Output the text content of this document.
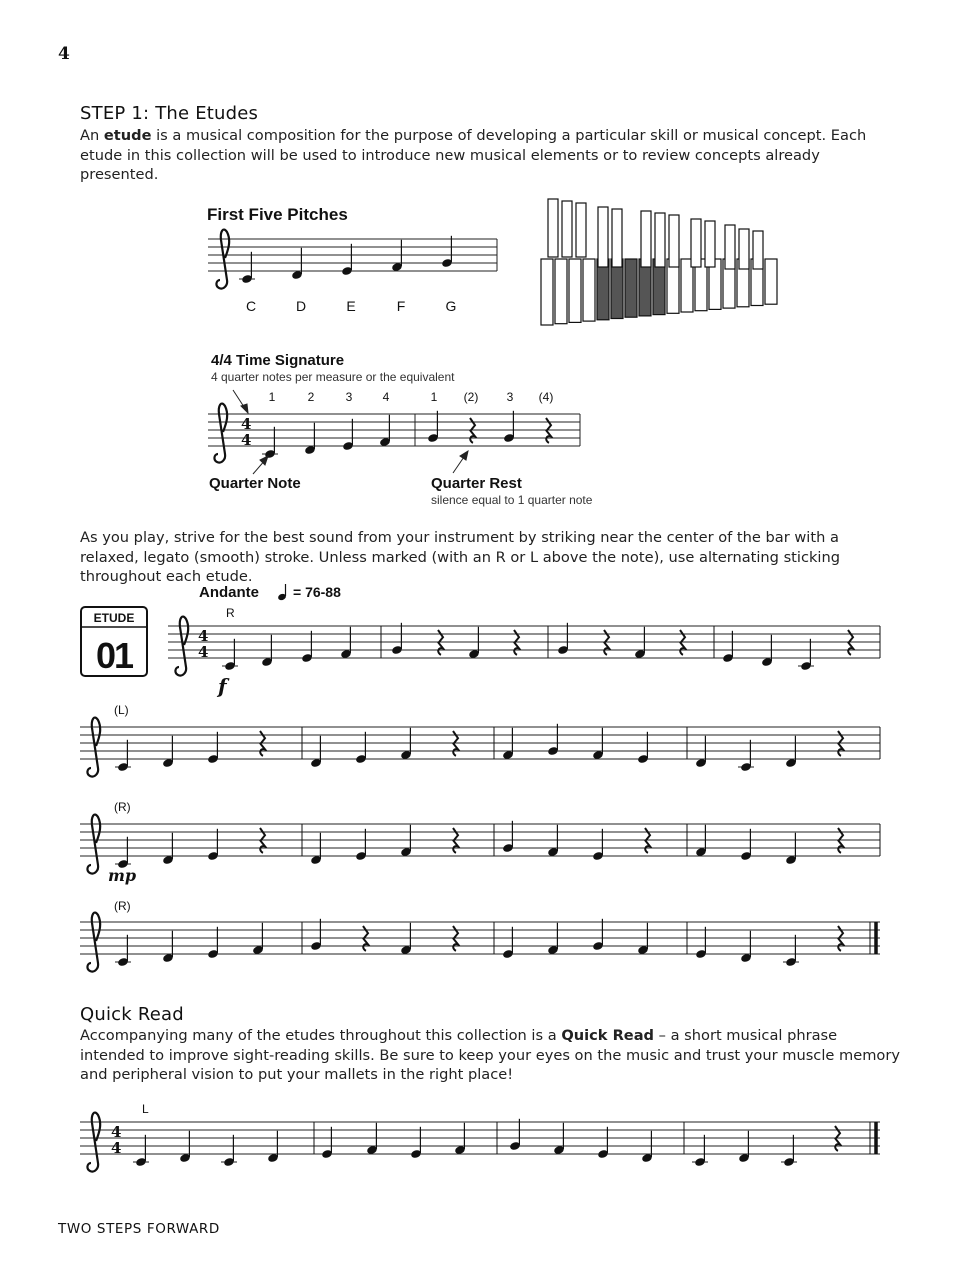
4
STEP 1: The Etudes
An etude is a musical composition for the purpose of developing a particular skill or musical concept. Each etude in this collection will be used to introduce new musical elements or to review concepts already presented.
As you play, strive for the best sound from your instrument by striking near the center of the bar with a relaxed, legato (smooth) stroke. Unless marked (with an R or L above the note), use alternating sticking throughout each etude.
Quick Read
Accompanying many of the etudes throughout this collection is a Quick Read – a short musical phrase intended to improve sight-reading skills. Be sure to keep your eyes on the music and trust your muscle memory and peripheral vision to put your mallets in the right place!
TWO STEPS FORWARD
First Five Pitches
C	D	E	F	G
4/4 Time Signature
4 quarter notes per measure or the equivalent
1	2	3	4	1 (2) 3 (4)
4
4
Quarter Note	Quarter Rest
silence equal to 1 quarter note
ETUDE
01
Andante = 76-88
4
4
R
f
(L)
(R)
mp
(R)
4
4
L
